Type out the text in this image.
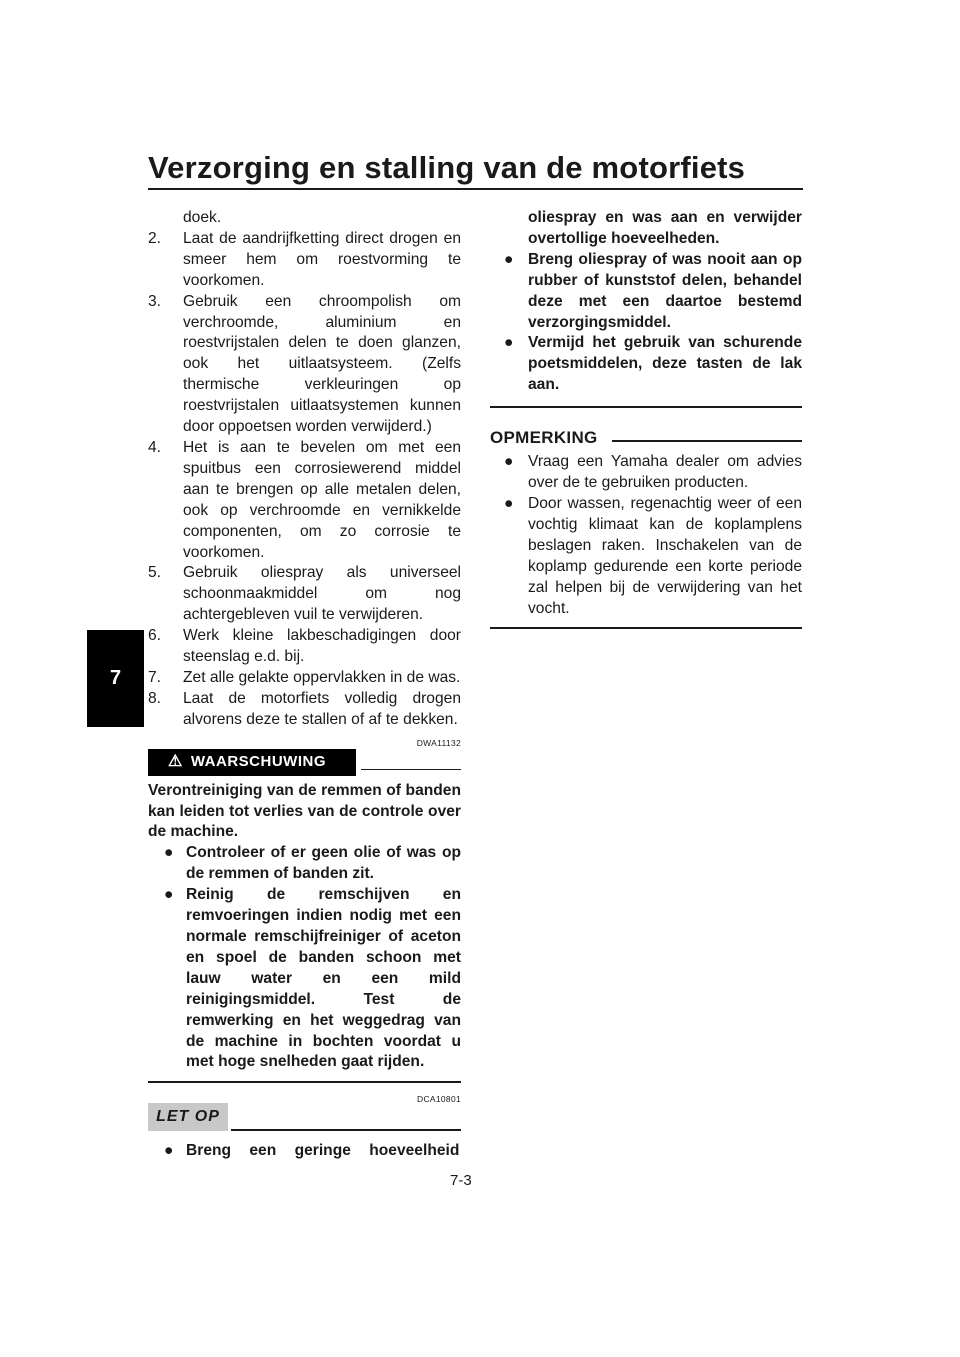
Verzorging en stalling van de motorfiets
7

doek.

2. Laat de aandrijfketting direct drogen en smeer hem om roestvorming te voorkomen.
3. Gebruik een chroompolish om verchroomde, aluminium en roestvrijstalen delen te doen glanzen, ook het uitlaatsysteem. (Zelfs thermische verkleuringen op roestvrijstalen uitlaatsystemen kunnen door oppoetsen worden verwijderd.)
4. Het is aan te bevelen om met een spuitbus een corrosiewerend middel aan te brengen op alle metalen delen, ook op verchroomde en vernikkelde componenten, om zo corrosie te voorkomen.
5. Gebruik oliespray als universeel schoonmaakmiddel om nog achtergebleven vuil te verwijderen.
6. Werk kleine lakbeschadigingen door steenslag e.d. bij.
7. Zet alle gelakte oppervlakken in de was.
8. Laat de motorfiets volledig drogen alvorens deze te stallen of af te dekken.
DWA11132
⚠ WAARSCHUWING
Verontreiniging van de remmen of banden kan leiden tot verlies van de controle over de machine.
● Controleer of er geen olie of was op de remmen of banden zit.
● Reinig de remschijven en remvoeringen indien nodig met een normale remschijfreiniger of aceton en spoel de banden schoon met lauw water en een mild reinigingsmiddel. Test de remwerking en het weggedrag van de machine in bochten voordat u met hoge snelheden gaat rijden.
DCA10801
LET OP
● Breng een geringe hoeveelheid
oliespray en was aan en verwijder overtollige hoeveelheden.
● Breng oliespray of was nooit aan op rubber of kunststof delen, behandel deze met een daartoe bestemd verzorgingsmiddel.
● Vermijd het gebruik van schurende poetsmiddelen, deze tasten de lak aan.
OPMERKING
● Vraag een Yamaha dealer om advies over de te gebruiken producten.
● Door wassen, regenachtig weer of een vochtig klimaat kan de koplamplens beslagen raken. Inschakelen van de koplamp gedurende een korte periode zal helpen bij de verwijdering van het vocht.
7-3
